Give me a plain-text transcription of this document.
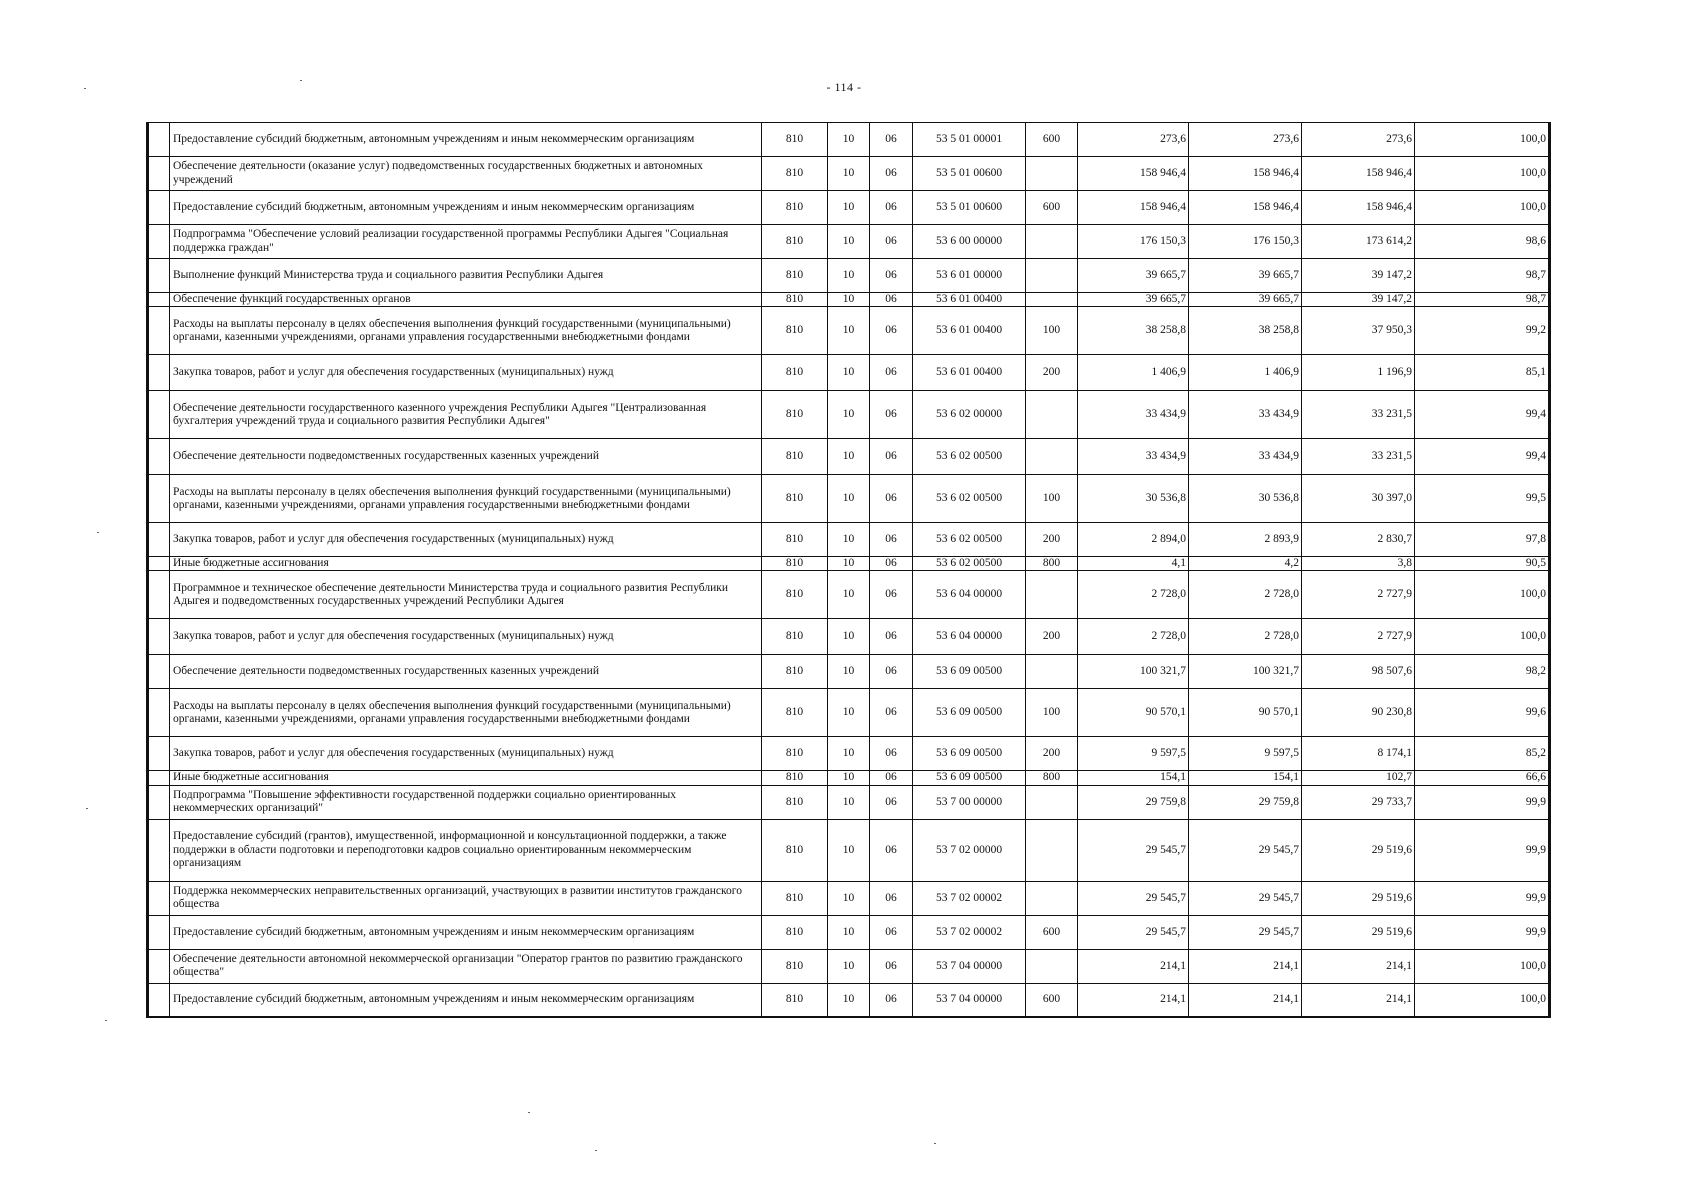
- 114 -
	Предоставление субсидий бюджетным, автономным учреждениям и иным некоммерческим организациям	810	10	06	53 5 01 00001	600	273,6	273,6	273,6	100,0
	Обеспечение деятельности (оказание услуг) подведомственных государственных бюджетных и автономных учреждений	810	10	06	53 5 01 00600		158 946,4	158 946,4	158 946,4	100,0
	Предоставление субсидий бюджетным, автономным учреждениям и иным некоммерческим организациям	810	10	06	53 5 01 00600	600	158 946,4	158 946,4	158 946,4	100,0
	Подпрограмма "Обеспечение условий реализации государственной программы Республики Адыгея "Социальная поддержка граждан"	810	10	06	53 6 00 00000		176 150,3	176 150,3	173 614,2	98,6
	Выполнение функций Министерства труда и социального развития Республики Адыгея	810	10	06	53 6 01 00000		39 665,7	39 665,7	39 147,2	98,7
	Обеспечение функций государственных органов	810	10	06	53 6 01 00400		39 665,7	39 665,7	39 147,2	98,7
	Расходы на выплаты персоналу в целях обеспечения выполнения функций государственными (муниципальными) органами, казенными учреждениями, органами управления государственными внебюджетными фондами	810	10	06	53 6 01 00400	100	38 258,8	38 258,8	37 950,3	99,2
	Закупка товаров, работ и услуг для обеспечения государственных (муниципальных) нужд	810	10	06	53 6 01 00400	200	1 406,9	1 406,9	1 196,9	85,1
	Обеспечение деятельности государственного казенного учреждения Республики Адыгея "Централизованная бухгалтерия учреждений труда и социального развития Республики Адыгея"	810	10	06	53 6 02 00000		33 434,9	33 434,9	33 231,5	99,4
	Обеспечение деятельности подведомственных государственных казенных учреждений	810	10	06	53 6 02 00500		33 434,9	33 434,9	33 231,5	99,4
	Расходы на выплаты персоналу в целях обеспечения выполнения функций государственными (муниципальными) органами, казенными учреждениями, органами управления государственными внебюджетными фондами	810	10	06	53 6 02 00500	100	30 536,8	30 536,8	30 397,0	99,5
	Закупка товаров, работ и услуг для обеспечения государственных (муниципальных) нужд	810	10	06	53 6 02 00500	200	2 894,0	2 893,9	2 830,7	97,8
	Иные бюджетные ассигнования	810	10	06	53 6 02 00500	800	4,1	4,2	3,8	90,5
	Программное и техническое обеспечение деятельности Министерства труда и социального развития Республики Адыгея и подведомственных государственных учреждений Республики Адыгея	810	10	06	53 6 04 00000		2 728,0	2 728,0	2 727,9	100,0
	Закупка товаров, работ и услуг для обеспечения государственных (муниципальных) нужд	810	10	06	53 6 04 00000	200	2 728,0	2 728,0	2 727,9	100,0
	Обеспечение деятельности подведомственных государственных казенных учреждений	810	10	06	53 6 09 00500		100 321,7	100 321,7	98 507,6	98,2
	Расходы на выплаты персоналу в целях обеспечения выполнения функций государственными (муниципальными) органами, казенными учреждениями, органами управления государственными внебюджетными фондами	810	10	06	53 6 09 00500	100	90 570,1	90 570,1	90 230,8	99,6
	Закупка товаров, работ и услуг для обеспечения государственных (муниципальных) нужд	810	10	06	53 6 09 00500	200	9 597,5	9 597,5	8 174,1	85,2
	Иные бюджетные ассигнования	810	10	06	53 6 09 00500	800	154,1	154,1	102,7	66,6
	Подпрограмма "Повышение эффективности государственной поддержки социально ориентированных некоммерческих организаций"	810	10	06	53 7 00 00000		29 759,8	29 759,8	29 733,7	99,9
	Предоставление субсидий (грантов), имущественной, информационной и консультационной поддержки, а также поддержки в области подготовки и переподготовки кадров социально ориентированным некоммерческим организациям	810	10	06	53 7 02 00000		29 545,7	29 545,7	29 519,6	99,9
	Поддержка некоммерческих неправительственных организаций, участвующих в развитии институтов гражданского общества	810	10	06	53 7 02 00002		29 545,7	29 545,7	29 519,6	99,9
	Предоставление субсидий бюджетным, автономным учреждениям и иным некоммерческим организациям	810	10	06	53 7 02 00002	600	29 545,7	29 545,7	29 519,6	99,9
	Обеспечение деятельности автономной некоммерческой организации "Оператор грантов по развитию гражданского общества"	810	10	06	53 7 04 00000		214,1	214,1	214,1	100,0
	Предоставление субсидий бюджетным, автономным учреждениям и иным некоммерческим организациям	810	10	06	53 7 04 00000	600	214,1	214,1	214,1	100,0
